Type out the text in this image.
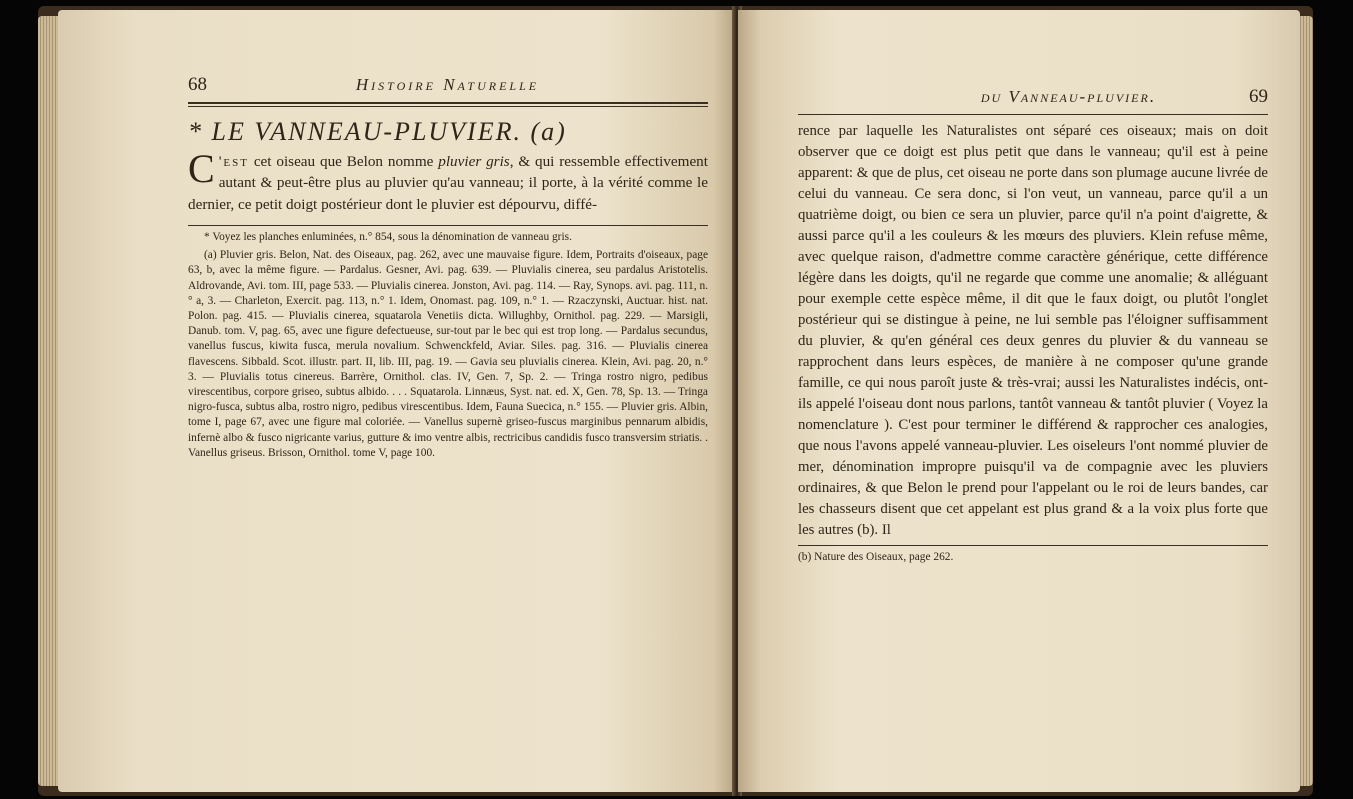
68	Histoire Naturelle
* LE VANNEAU-PLUVIER. (a)

C 'est cet oiseau que Belon nomme pluvier gris, & qui ressemble effectivement autant & peut-être plus au pluvier qu'au vanneau; il porte, à la vérité comme le dernier, ce petit doigt postérieur dont le pluvier est dépourvu, diffé-

* Voyez les planches enluminées, n.° 854, sous la dénomination de vanneau gris.

(a) Pluvier gris. Belon, Nat. des Oiseaux, pag. 262, avec une mauvaise figure. Idem, Portraits d'oiseaux, page 63, b, avec la même figure. — Pardalus. Gesner, Avi. pag. 639. — Pluvialis cinerea, seu pardalus Aristotelis. Aldrovande, Avi. tom. III, page 533. — Pluvialis cinerea. Jonston, Avi. pag. 114. — Ray, Synops. avi. pag. 111, n.° a, 3. — Charleton, Exercit. pag. 113, n.° 1. Idem, Onomast. pag. 109, n.° 1. — Rzaczynski, Auctuar. hist. nat. Polon. pag. 415. — Pluvialis cinerea, squatarola Venetiis dicta. Willughby, Ornithol. pag. 229. — Marsigli, Danub. tom. V, pag. 65, avec une figure defectueuse, sur-tout par le bec qui est trop long. — Pardalus secundus, vanellus fuscus, kiwita fusca, merula novalium. Schwenckfeld, Aviar. Siles. pag. 316. — Pluvialis cinerea flavescens. Sibbald. Scot. illustr. part. II, lib. III, pag. 19. — Gavia seu pluvialis cinerea. Klein, Avi. pag. 20, n.° 3. — Pluvialis totus cinereus. Barrère, Ornithol. clas. IV, Gen. 7, Sp. 2. — Tringa rostro nigro, pedibus virescentibus, corpore griseo, subtus albido. . . . Squatarola. Linnæus, Syst. nat. ed. X, Gen. 78, Sp. 13. — Tringa nigro-fusca, subtus alba, rostro nigro, pedibus virescentibus. Idem, Fauna Suecica, n.° 155. — Pluvier gris. Albin, tome I, page 67, avec une figure mal coloriée. — Vanellus supernè griseo-fuscus marginibus pennarum albidis, infernè albo & fusco nigricante varius, gutture & imo ventre albis, rectricibus candidis fusco transversim striatis. . Vanellus griseus. Brisson, Ornithol. tome V, page 100.

du Vanneau-pluvier.	69

rence par laquelle les Naturalistes ont séparé ces oiseaux; mais on doit observer que ce doigt est plus petit que dans le vanneau; qu'il est à peine apparent: & que de plus, cet oiseau ne porte dans son plumage aucune livrée de celui du vanneau. Ce sera donc, si l'on veut, un vanneau, parce qu'il a un quatrième doigt, ou bien ce sera un pluvier, parce qu'il n'a point d'aigrette, & aussi parce qu'il a les couleurs & les mœurs des pluviers. Klein refuse même, avec quelque raison, d'admettre comme caractère générique, cette différence légère dans les doigts, qu'il ne regarde que comme une anomalie; & alléguant pour exemple cette espèce même, il dit que le faux doigt, ou plutôt l'onglet postérieur qui se distingue à peine, ne lui semble pas l'éloigner suffisamment du pluvier, & qu'en général ces deux genres du pluvier & du vanneau se rapprochent dans leurs espèces, de manière à ne composer qu'une grande famille, ce qui nous paroît juste & très-vrai; aussi les Naturalistes indécis, ont-ils appelé l'oiseau dont nous parlons, tantôt vanneau & tantôt pluvier ( Voyez la nomenclature ). C'est pour terminer le différend & rapprocher ces analogies, que nous l'avons appelé vanneau-pluvier. Les oiseleurs l'ont nommé pluvier de mer, dénomination impropre puisqu'il va de compagnie avec les pluviers ordinaires, & que Belon le prend pour l'appelant ou le roi de leurs bandes, car les chasseurs disent que cet appelant est plus grand & a la voix plus forte que les autres (b). Il

(b) Nature des Oiseaux, page 262.
